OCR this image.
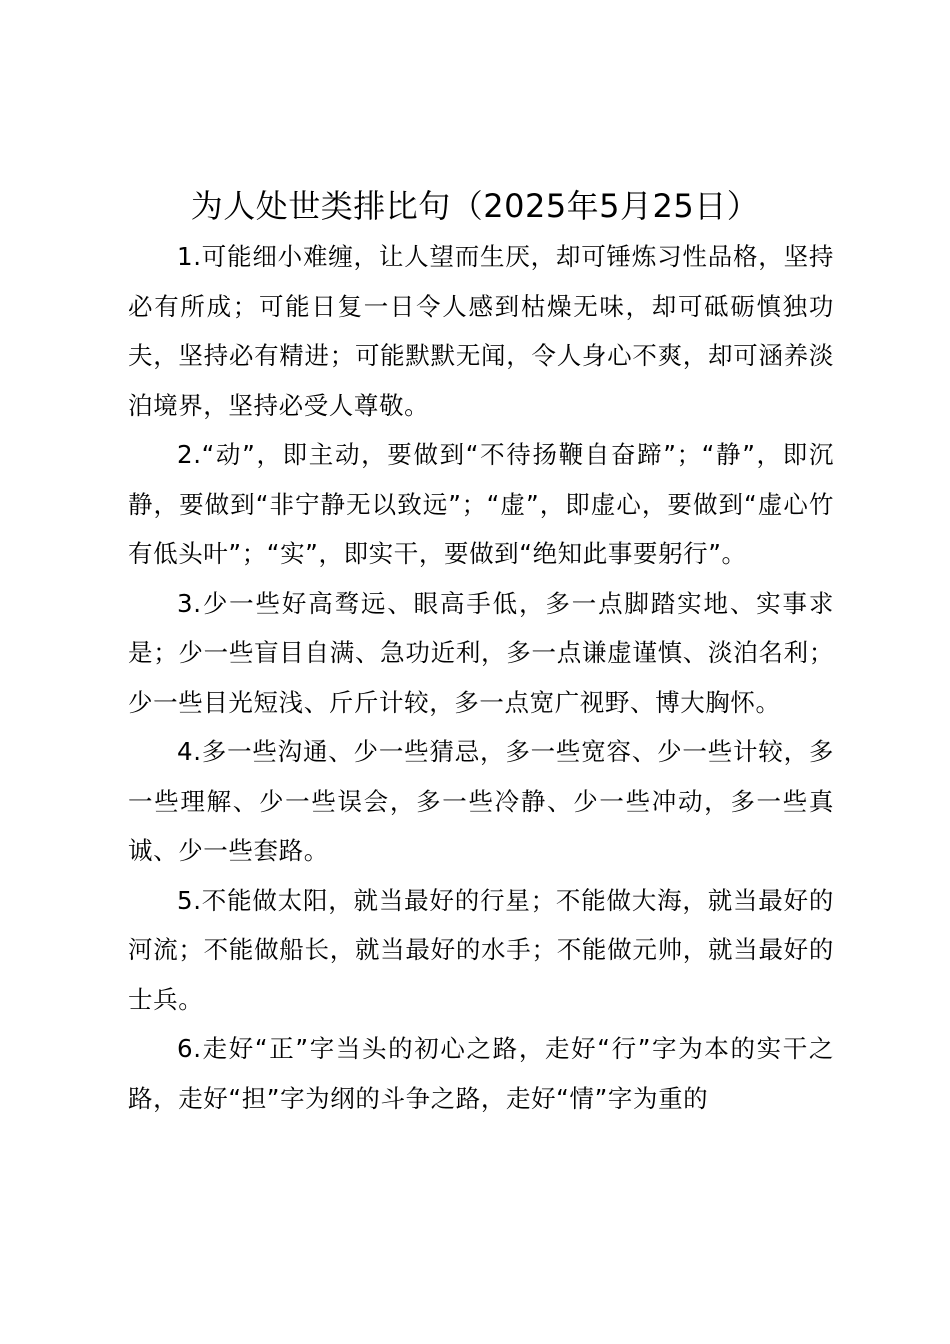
为人处世类排比句（2025年5月25日）

1.可能细小难缠，让人望而生厌，却可锤炼习性品格，坚持必有所成；可能日复一日令人感到枯燥无味，却可砥砺慎独功夫，坚持必有精进；可能默默无闻，令人身心不爽，却可涵养淡泊境界，坚持必受人尊敬。

2.“动”，即主动，要做到“不待扬鞭自奋蹄”；“静”，即沉静，要做到“非宁静无以致远”；“虚”，即虚心，要做到“虚心竹有低头叶”；“实”，即实干，要做到“绝知此事要躬行”。

3.少一些好高骛远、眼高手低，多一点脚踏实地、实事求是；少一些盲目自满、急功近利，多一点谦虚谨慎、淡泊名利；少一些目光短浅、斤斤计较，多一点宽广视野、博大胸怀。

4.多一些沟通、少一些猜忌，多一些宽容、少一些计较，多一些理解、少一些误会，多一些冷静、少一些冲动，多一些真诚、少一些套路。

5.不能做太阳，就当最好的行星；不能做大海，就当最好的河流；不能做船长，就当最好的水手；不能做元帅，就当最好的士兵。

6.走好“正”字当头的初心之路，走好“行”字为本的实干之路，走好“担”字为纲的斗争之路，走好“情”字为重的
